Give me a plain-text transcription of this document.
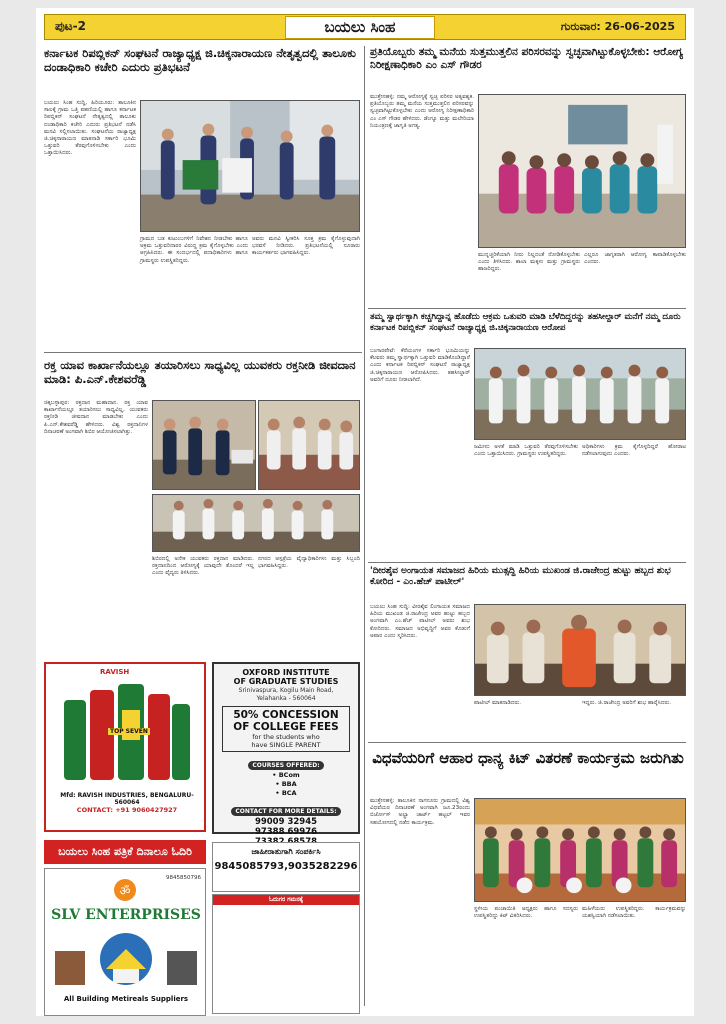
ಪುಟ-2	ಬಯಲು ಸಿಂಹ	ಗುರುವಾರ: 26-06-2025
ಕರ್ನಾಟಕ ರಿಪಬ್ಲಿಕನ್ ಸಂಘಟನೆ ರಾಜ್ಯಾಧ್ಯಕ್ಷ ಜಿ.ಚಿಕ್ಕನಾರಾಯಣ ನೇತೃತ್ವದಲ್ಲಿ ತಾಲೂಕು ದಂಡಾಧಿಕಾರಿ ಕಚೇರಿ ಎದುರು ಪ್ರತಿಭಟನೆ
ಬಯಲು ಸಿಂಹ ಸುದ್ದಿ, ಹಿರಿಯೂರು: ತಾಲೂಕಿನ ಸಾಲಕ್ಕೆ ಗ್ರಾಮ ಒತ್ತಿ ಪಹಣಿಯಲ್ಲಿ ಹಾಗೂ ಕರ್ನಾಟಕ ರಿಪಬ್ಲಿಕನ್ ಸಂಘಟನೆ ನೇತೃತ್ವದಲ್ಲಿ ತಾಲೂಕು ದಂಡಾಧಿಕಾರಿ ಕಚೇರಿ ಎದುರು ಪ್ರತಿಭಟನೆ ನಡೆಸಿ ಮನವಿ ಸಲ್ಲಿಸಲಾಯಿತು. ಸಂಘಟನೆಯ ರಾಜ್ಯಾಧ್ಯಕ್ಷ ಜಿ.ಚಿಕ್ಕನಾರಾಯಣ ಮಾತನಾಡಿ ಸರ್ಕಾರಿ ಭೂಮಿ ಒತ್ತುವರಿ ತೆರವುಗೊಳಿಸಬೇಕು ಎಂದು ಒತ್ತಾಯಿಸಿದರು.
ಗ್ರಾಮದ ಬಡ ಕುಟುಂಬಗಳಿಗೆ ನಿವೇಶನ ನೀಡಬೇಕು ಹಾಗೂ ಅಕ್ರಮ ಒತ್ತುವರಿದಾರರ ವಿರುದ್ಧ ಕ್ರಮ ಕೈಗೊಳ್ಳಬೇಕು ಎಂದು ಆಗ್ರಹಿಸಿದರು. ಈ ಸಂದರ್ಭದಲ್ಲಿ ಪದಾಧಿಕಾರಿಗಳು ಹಾಗೂ ಗ್ರಾಮಸ್ಥರು ಉಪಸ್ಥಿತರಿದ್ದರು.
ಅವರು ಮನವಿ ಸ್ವೀಕರಿಸಿ ಸೂಕ್ತ ಕ್ರಮ ಕೈಗೊಳ್ಳುವುದಾಗಿ ಭರವಸೆ ನೀಡಿದರು. ಪ್ರತಿಭಟನೆಯಲ್ಲಿ ನೂರಾರು ಕಾರ್ಯಕರ್ತರು ಭಾಗವಹಿಸಿದ್ದರು.
ರಕ್ತ ಯಾವ ಕಾರ್ಖಾನೆಯಲ್ಲೂ ತಯಾರಿಸಲು ಸಾಧ್ಯವಿಲ್ಲ ಯುವಕರು ರಕ್ತನೀಡಿ ಜೀವದಾನ ಮಾಡಿ: ಪಿ.ಎನ್.ಕೇಶವರೆಡ್ಡಿ
ಚಿಕ್ಕಬಳ್ಳಾಪುರ: ರಕ್ತದಾನ ಮಹಾದಾನ. ರಕ್ತ ಯಾವ ಕಾರ್ಖಾನೆಯಲ್ಲೂ ತಯಾರಿಸಲು ಸಾಧ್ಯವಿಲ್ಲ, ಯುವಕರು ರಕ್ತನೀಡಿ ಜೀವದಾನ ಮಾಡಬೇಕು ಎಂದು ಪಿ.ಎನ್.ಕೇಶವರೆಡ್ಡಿ ಹೇಳಿದರು. ವಿಶ್ವ ರಕ್ತದಾನಿಗಳ ದಿನಾಚರಣೆ ಅಂಗವಾಗಿ ಶಿಬಿರ ಆಯೋಜಿಸಲಾಗಿತ್ತು.
ಶಿಬಿರದಲ್ಲಿ ಅನೇಕ ಯುವಕರು ರಕ್ತದಾನ ಮಾಡಿದರು. ರಕ್ತದಾನದಿಂದ ಆರೋಗ್ಯಕ್ಕೆ ಯಾವುದೇ ತೊಂದರೆ ಇಲ್ಲ ಎಂದು ವೈದ್ಯರು ತಿಳಿಸಿದರು.
ನಗರದ ಆಸ್ಪತ್ರೆಯ ವೈದ್ಯಾಧಿಕಾರಿಗಳು ಮತ್ತು ಸಿಬ್ಬಂದಿ ಭಾಗವಹಿಸಿದ್ದರು.
RAVISH
TOP SEVEN
Mfd: RAVISH INDUSTRIES, BENGALURU-560064
CONTACT: +91 9060427927
OXFORD INSTITUTE
OF GRADUATE STUDIES
Srinivaspura, Kogilu Main Road,
Yelahanka - 560064
50% CONCESSION
OF COLLEGE FEES
for the students who
have SINGLE PARENT
COURSES OFFERED:
• BCom
• BBA
• BCA
CONTACT FOR MORE DETAILS:
99009 32945
97388 69976
ಬಯಲು ಸಿಂಹ ಪತ್ರಿಕೆ ದಿನಾಲೂ ಓದಿರಿ
9845850796
ॐ
SLV ENTERPRISES
All Building Metireals Suppliers
ಜಾಹೀರಾತುಗಾಗಿ ಸಂಪರ್ಕಿಸಿ
9845085793,9035282296
ಓದುಗರ ಗಮನಕ್ಕೆ
ಪ್ರತಿಯೊಬ್ಬರು ತಮ್ಮ ಮನೆಯ ಸುತ್ತಮುತ್ತಲಿನ ಪರಿಸರವನ್ನು ಸ್ವಚ್ಛವಾಗಿಟ್ಟುಕೊಳ್ಳಬೇಕು: ಆರೋಗ್ಯ ನಿರೀಕ್ಷಣಾಧಿಕಾರಿ ಎಂ ಎಸ್ ಗೌಡರ
ಮುತ್ತೇನಹಳ್ಳಿ: ನಮ್ಮ ಆರೋಗ್ಯಕ್ಕೆ ಸ್ವಚ್ಛ ಪರಿಸರ ಅತ್ಯವಶ್ಯಕ. ಪ್ರತಿಯೊಬ್ಬರು ತಮ್ಮ ಮನೆಯ ಸುತ್ತಮುತ್ತಲಿನ ಪರಿಸರವನ್ನು ಸ್ವಚ್ಛವಾಗಿಟ್ಟುಕೊಳ್ಳಬೇಕು ಎಂದು ಆರೋಗ್ಯ ನಿರೀಕ್ಷಣಾಧಿಕಾರಿ ಎಂ ಎಸ್ ಗೌಡರ ಹೇಳಿದರು. ಡೆಂಗ್ಯೂ ಮತ್ತು ಮಲೇರಿಯಾ ನಿಯಂತ್ರಣಕ್ಕೆ ಜಾಗೃತಿ ಅಗತ್ಯ.
ಮುನ್ನಚ್ಚರಿಕೆಯಾಗಿ ನೀರು ನಿಲ್ಲದಂತೆ ನೋಡಿಕೊಳ್ಳಬೇಕು ಎಂದು ತಿಳಿಸಿದರು. ಶಾಲಾ ಮಕ್ಕಳು ಮತ್ತು ಗ್ರಾಮಸ್ಥರು ಹಾಜರಿದ್ದರು.
ಎಲ್ಲರೂ ಜಾಗೃತರಾಗಿ ಆರೋಗ್ಯ ಕಾಪಾಡಿಕೊಳ್ಳಬೇಕು ಎಂದರು.
ತಮ್ಮ ಸ್ವಾರ್ಥಕ್ಕಾಗಿ ಕಚ್ಚಗಿದ್ದಾನ್ನ ಹೊಡೆದು ಆಕ್ರಮ ಒತುವರಿ ಮಾಡಿ ಬೆಳೆದಿದ್ದರನ್ನು ತಹಸೀಲ್ದಾರ್ ಮನೆಗೆ ನಮ್ಮ ದೂರು ಕರ್ನಾಟಕ ರಿಪಬ್ಲಿಕನ್ ಸಂಘಟನೆ ರಾಜ್ಯಾಧ್ಯಕ್ಷ ಜಿ.ಚಿಕ್ಕನಾರಾಯಣ ಆರೋಪ
ಬಂಗಾರಪೇಟೆ: ಕೆರೆಯಂಗಳ ಸರ್ಕಾರಿ ಭೂಮಿಯನ್ನು ಕೆಲವರು ತಮ್ಮ ಸ್ವಾರ್ಥಕ್ಕಾಗಿ ಒತ್ತುವರಿ ಮಾಡಿಕೊಂಡಿದ್ದಾರೆ ಎಂದು ಕರ್ನಾಟಕ ರಿಪಬ್ಲಿಕನ್ ಸಂಘಟನೆ ರಾಜ್ಯಾಧ್ಯಕ್ಷ ಜಿ.ಚಿಕ್ಕನಾರಾಯಣ ಆರೋಪಿಸಿದರು. ತಹಸೀಲ್ದಾರ್ ಅವರಿಗೆ ದೂರು ನೀಡಲಾಗಿದೆ.
ಜಮೀನು ಅಳತೆ ಮಾಡಿ ಒತ್ತುವರಿ ತೆರವುಗೊಳಿಸಬೇಕು ಎಂದು ಒತ್ತಾಯಿಸಿದರು. ಗ್ರಾಮಸ್ಥರು ಉಪಸ್ಥಿತರಿದ್ದರು.
ಅಧಿಕಾರಿಗಳು ಕ್ರಮ ಕೈಗೊಳ್ಳದಿದ್ದರೆ ಹೋರಾಟ ನಡೆಸಲಾಗುವುದು ಎಂದರು.
'ದೀರಶೈವ ಅಂಗಾಯತ ಸಮಾಜದ ಹಿರಿಯ ಮುತ್ಸದ್ದಿ ಹಿರಿಯ ಮುಖಂಡ ಜಿ.ರಾಜೇಂದ್ರ ಹುಟ್ಟು ಹಬ್ಬದ ಶುಭ ಕೋರಿದ - ಎಂ.ಹೆಚ್ ಪಾಟೀಲ್'
ಬಯಲು ಸಿಂಹ ಸುದ್ದಿ: ವೀರಶೈವ ಲಿಂಗಾಯತ ಸಮಾಜದ ಹಿರಿಯ ಮುಖಂಡ ಜಿ.ರಾಜೇಂದ್ರ ಅವರ ಹುಟ್ಟು ಹಬ್ಬದ ಅಂಗವಾಗಿ ಎಂ.ಹೆಚ್ ಪಾಟೀಲ್ ಅವರು ಶುಭ ಕೋರಿದರು. ಸಮಾಜದ ಅಭಿವೃದ್ಧಿಗೆ ಅವರ ಕೊಡುಗೆ ಅಪಾರ ಎಂದು ಸ್ಮರಿಸಿದರು.
ಪಾಟೀಲ್ ಮಾತನಾಡಿದರು.	ಇದ್ದರು. ಜಿ.ರಾಜೇಂದ್ರ ಅವರಿಗೆ ಶುಭ ಹಾರೈಸಿದರು.
ವಿಧವೆಯರಿಗೆ ಆಹಾರ ಧಾನ್ಯ ಕಿಟ್ ವಿತರಣೆ ಕಾರ್ಯಕ್ರಮ ಜರುಗಿತು
ಮುತ್ತೇನಹಳ್ಳಿ: ತಾಲೂಕಿನ ನಾಗನೂರು ಗ್ರಾಮದಲ್ಲಿ ವಿಶ್ವ ವಿಧವೆಯರ ದಿನಾಚರಣೆ ಅಂಗವಾಗಿ ಜೂ.23ರಂದು ಬಿರ್ಜೋಸ್ ಅಲ್ಟ್ರಾ ಚಾರ್ಟ್ ಹಟ್ಟಲ್ ಇವರ ಸಹಯೋಗದಲ್ಲಿ ನಡೆದ ಕಾರ್ಯಕ್ರಮ.
ಸ್ಥಳೀಯ ಪಂಚಾಯಿತಿ ಅಧ್ಯಕ್ಷರು ಹಾಗೂ ಸದಸ್ಯರು ಉಪಸ್ಥಿತರಿದ್ದು ಕಿಟ್ ವಿತರಿಸಿದರು.
ಮಹಿಳೆಯರು ಉಪಸ್ಥಿತರಿದ್ದರು. ಕಾರ್ಯಕ್ರಮವನ್ನು ಯಶಸ್ವಿಯಾಗಿ ನಡೆಸಲಾಯಿತು.
